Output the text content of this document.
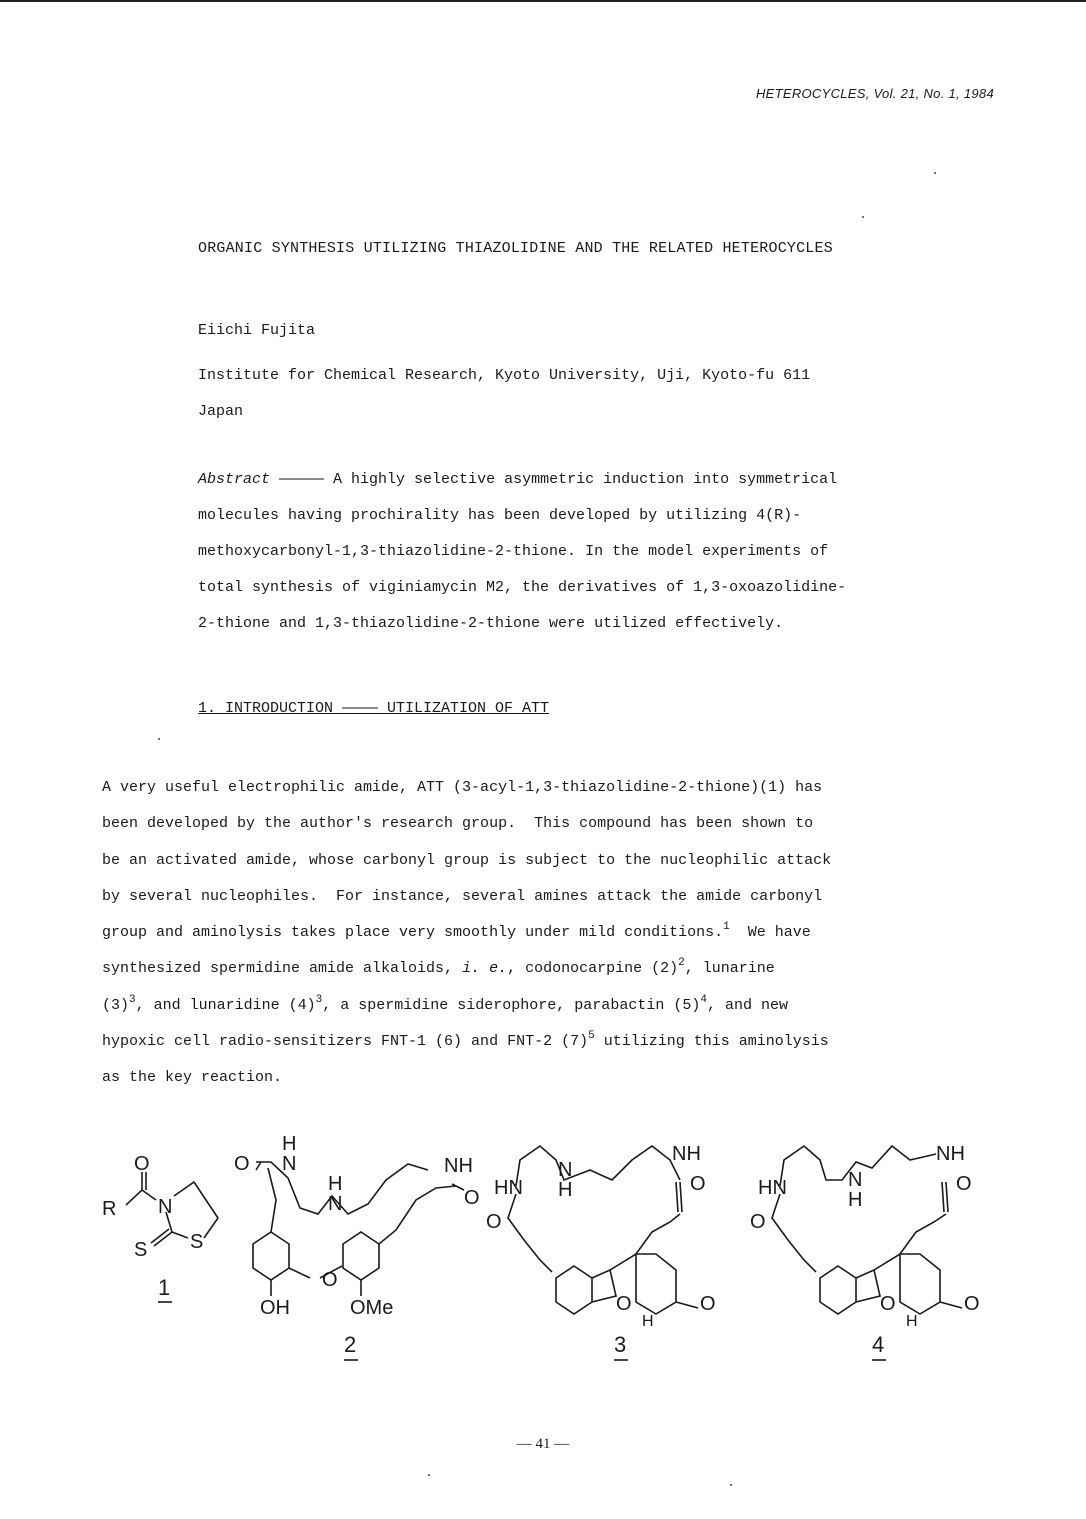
HETEROCYCLES, Vol. 21, No. 1, 1984
ORGANIC SYNTHESIS UTILIZING THIAZOLIDINE AND THE RELATED HETEROCYCLES
Eiichi Fujita
Institute for Chemical Research, Kyoto University, Uji, Kyoto-fu 611
Japan
Abstract ————— A highly selective asymmetric induction into symmetrical
molecules having prochirality has been developed by utilizing 4(R)-
methoxycarbonyl-1,3-thiazolidine-2-thione. In the model experiments of
total synthesis of viginiamycin M2, the derivatives of 1,3-oxoazolidine-
2-thione and 1,3-thiazolidine-2-thione were utilized effectively.
1. INTRODUCTION ———— UTILIZATION OF ATT
A very useful electrophilic amide, ATT (3-acyl-1,3-thiazolidine-2-thione)(1) has
been developed by the author's research group.  This compound has been shown to
be an activated amide, whose carbonyl group is subject to the nucleophilic attack
by several nucleophiles.  For instance, several amines attack the amide carbonyl
group and aminolysis takes place very smoothly under mild conditions.$^1$  We have
synthesized spermidine amide alkaloids, i. e., codonocarpine $(2)^2$, lunarine
$(3)^3$, and lunaridine $(4)^3$, a spermidine siderophore, parabactin $(5)^4$, and new
hypoxic cell radio-sensitizers FNT-1 (6) and FNT-2 $(7)^5$ utilizing this aminolysis
as the key reaction.
O
R N
S S
1
O
H
N
H
N
NH
O
O
OH	OMe
2
HN
O
N
H
NH
O
O
H
O
3
HN
O
N
H
NH
O
O
H
O
4
— 41 —
